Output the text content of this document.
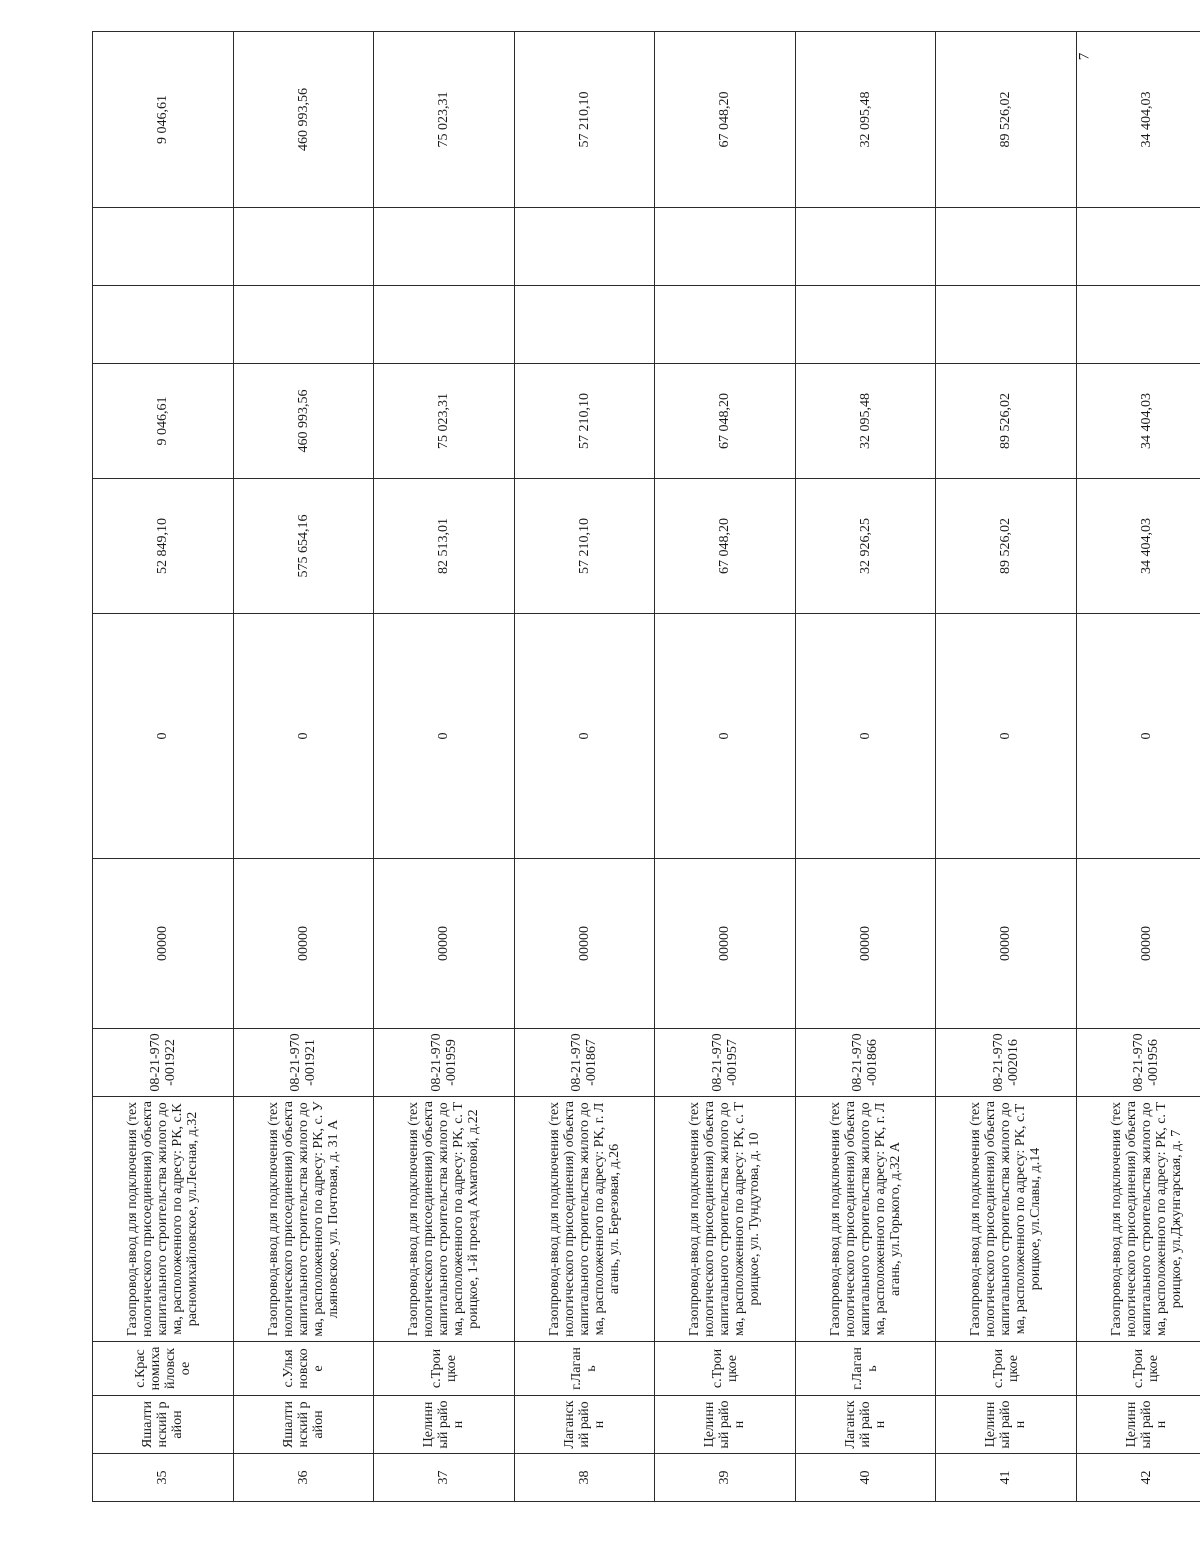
7
35	Яшалтинский район	с.Красномихайловское	Газопровод-ввод для подключения (технологического присоединения) объекта капитального строительства жилого дома, расположенного по адресу: РК, с.Красномихайловское, ул.Лесная, д.32	08-21-970-001922	00000	0	52 849,10	9 046,61			9 046,61
36	Яшалтинский район	с.Ульяновское	Газопровод-ввод для подключения (технологического присоединения) объекта капитального строительства жилого дома, расположенного по адресу: РК, с. Ульяновское, ул. Почтовая, д. 31 А	08-21-970-001921	00000	0	575 654,16	460 993,56			460 993,56
37	Целинный район	с.Троицкое	Газопровод-ввод для подключения (технологического присоединения) объекта капитального строительства жилого дома, расположенного по адресу: РК, с. Троицкое, 1-й проезд Ахматовой, д.22	08-21-970-001959	00000	0	82 513,01	75 023,31			75 023,31
38	Лаганский район	г.Лагань	Газопровод-ввод для подключения (технологического присоединения) объекта капитального строительства жилого дома, расположенного по адресу: РК, г. Лагань, ул. Березовая, д.26	08-21-970-001867	00000	0	57 210,10	57 210,10			57 210,10
39	Целинный район	с.Троицкое	Газопровод-ввод для подключения (технологического присоединения) объекта капитального строительства жилого дома, расположенного по адресу: РК, с. Троицкое, ул. Тундутова, д. 10	08-21-970-001957	00000	0	67 048,20	67 048,20			67 048,20
40	Лаганский район	г.Лагань	Газопровод-ввод для подключения (технологического присоединения) объекта капитального строительства жилого дома, расположенного по адресу: РК, г. Лагань, ул.Горького, д.32 А	08-21-970-001866	00000	0	32 926,25	32 095,48			32 095,48
41	Целинный район	с.Троицкое	Газопровод-ввод для подключения (технологического присоединения) объекта капитального строительства жилого дома, расположенного по адресу: РК, с.Троицкое, ул.Славы, д.14	08-21-970-002016	00000	0	89 526,02	89 526,02			89 526,02
42	Целинный район	с.Троицкое	Газопровод-ввод для подключения (технологического присоединения) объекта капитального строительства жилого дома, расположенного по адресу: РК, с. Троицкое, ул.Джунгарская, д. 7	08-21-970-001956	00000	0	34 404,03	34 404,03			34 404,03
